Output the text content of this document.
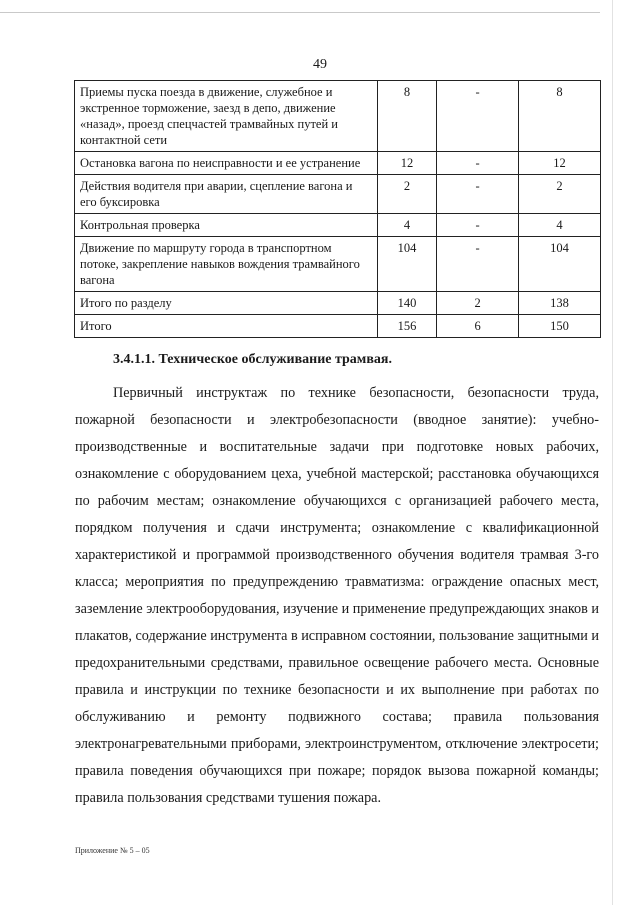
49
Приемы пуска поезда в движение, служебное и экстренное торможение, заезд в депо, движение «назад», проезд спецчастей трамвайных путей и контактной сети	8	-	8
Остановка вагона по неисправности и ее устранение	12	-	12
Действия водителя при аварии, сцепление вагона и его буксировка	2	-	2
Контрольная проверка	4	-	4
Движение по маршруту города в транспортном потоке, закрепление навыков вождения трамвайного вагона	104	-	104
Итого по разделу	140	2	138
Итого	156	6	150
3.4.1.1. Техническое обслуживание трамвая.

Первичный инструктаж по технике безопасности, безопасности труда, пожарной безопасности и электробезопасности (вводное занятие): учебно-производственные и воспитательные задачи при подготовке новых рабочих, ознакомление с оборудованием цеха, учебной мастерской; расстановка обучающихся по рабочим местам; ознакомление обучающихся с организацией рабочего места, порядком получения и сдачи инструмента; ознакомление с квалификационной характеристикой и программой производственного обучения водителя трамвая 3-го класса; мероприятия по предупреждению травматизма: ограждение опасных мест, заземление электрооборудования, изучение и применение предупреждающих знаков и плакатов, содержание инструмента в исправном состоянии, пользование защитными и предохранительными средствами, правильное освещение рабочего места. Основные правила и инструкции по технике безопасности и их выполнение при работах по обслуживанию и ремонту подвижного состава; правила пользования электронагревательными приборами, электроинструментом, отключение электросети; правила поведения обучающихся при пожаре; порядок вызова пожарной команды; правила пользования средствами тушения пожара.

Приложение № 5 – 05
